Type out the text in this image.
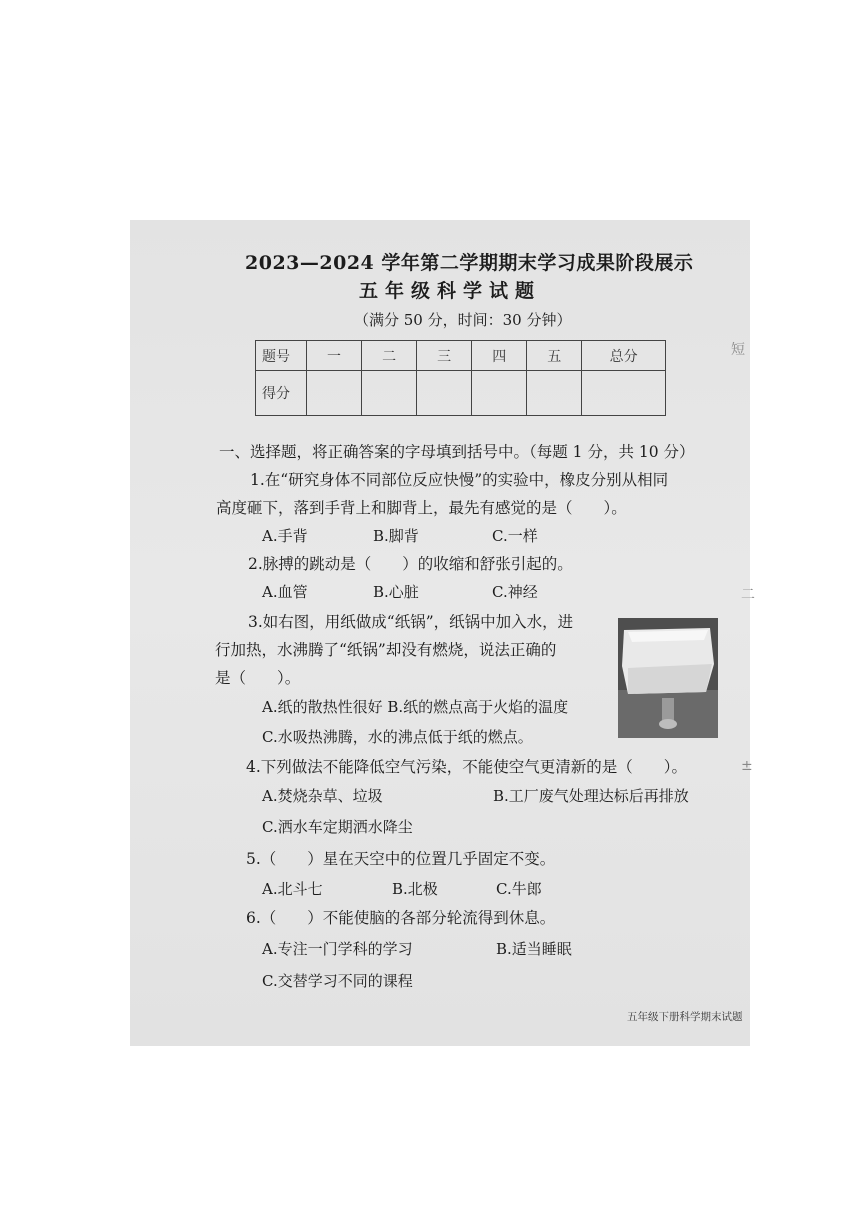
2023—2024 学年第二学期期末学习成果阶段展示
五年级科学试题
（满分 50 分，时间：30 分钟）
题号	一	二	三	四	五	总分
得分						
一、选择题，将正确答案的字母填到括号中。（每题 1 分，共 10 分）
1.在“研究身体不同部位反应快慢”的实验中，橡皮分别从相同
高度砸下，落到手背上和脚背上，最先有感觉的是（　　）。
A.手背	B.脚背	C.一样
2.脉搏的跳动是（　　）的收缩和舒张引起的。
A.血管	B.心脏	C.神经
3.如右图，用纸做成“纸锅”，纸锅中加入水，进
行加热，水沸腾了“纸锅”却没有燃烧，说法正确的
是（　　）。
A.纸的散热性很好 B.纸的燃点高于火焰的温度
C.水吸热沸腾，水的沸点低于纸的燃点。
4.下列做法不能降低空气污染，不能使空气更清新的是（　　）。
A.焚烧杂草、垃圾	B.工厂废气处理达标后再排放
C.洒水车定期洒水降尘
5.（　　）星在天空中的位置几乎固定不变。
A.北斗七	B.北极	C.牛郎
6.（　　）不能使脑的各部分轮流得到休息。
A.专注一门学科的学习	B.适当睡眠
C.交替学习不同的课程
短
二
±
五年级下册科学期末试题
